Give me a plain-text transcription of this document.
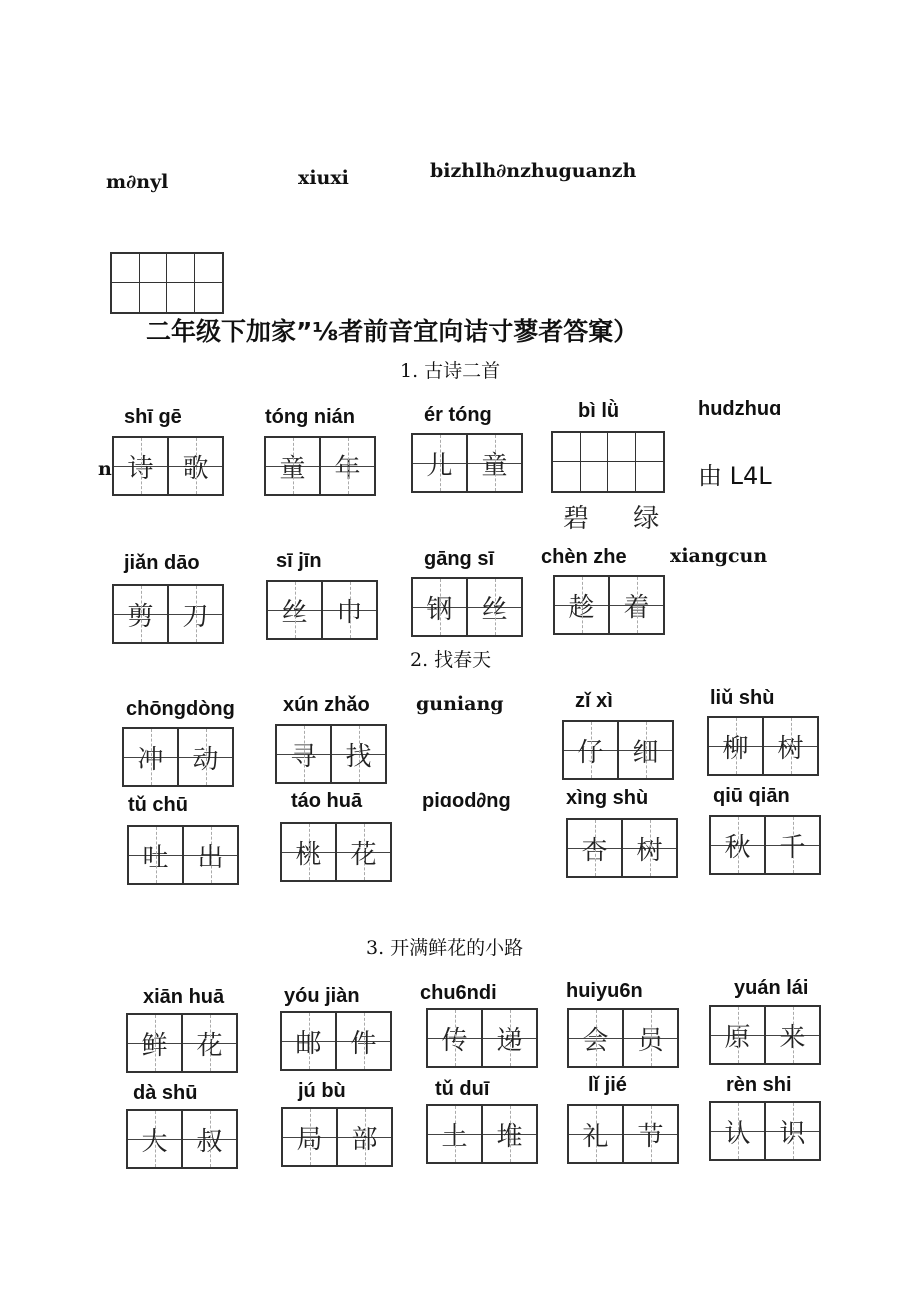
m∂nyl	xiuxi	bizhlh∂nzhuguanzh
二年级下加家”⅛者前音宜向诘寸蓼者答窠）
1. 古诗二首
2. 找春天
3. 开满鲜花的小路
n
hudzhuɑ
由 L4L
xiangcun
guniang
piɑod∂ng
bì lǜ
碧 绿
shī gē
诗	歌
tóng nián
童	年
ér tóng
儿	童
jiǎn dāo
剪	刀
sī jīn
丝	巾
gāng sī
钢	丝
chèn zhe
趁	着
chōngdòng
冲	动
xún zhǎo
寻	找
zǐ xì
仔	细
liǔ shù
柳	树
tǔ chū
吐	出
táo huā
桃	花
xìng shù
杏	树
qiū qiān
秋	千
xiān huā
鲜	花
yóu jiàn
邮	件
chu6ndi
传	递
huiyu6n
会	员
yuán lái
原	来
dà shū
大	叔
jú bù
局	部
tǔ duī
土	堆
lǐ jié
礼	节
rèn shi
认	识
